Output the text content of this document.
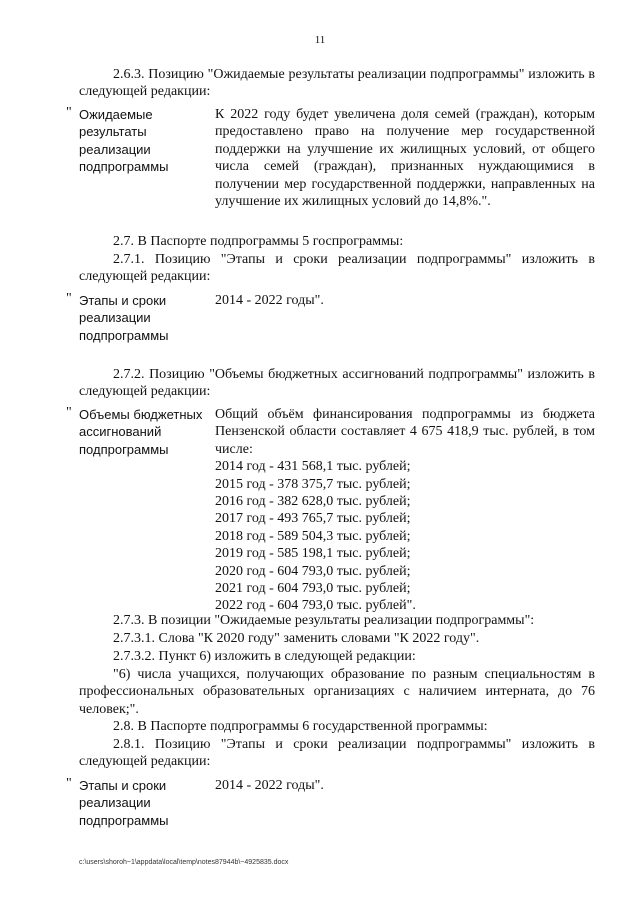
11
2.6.3. Позицию "Ожидаемые результаты реализации подпрограммы" изложить в следующей редакции:
" Ожидаемые результаты реализации подпрограммы
К 2022 году будет увеличена доля семей (граждан), которым предоставлено право на получение мер государственной поддержки на улучшение их жилищных условий, от общего числа семей (граждан), признанных нуждающимися в получении мер государственной поддержки, направленных на улучшение их жилищных условий до 14,8%.".
2.7. В Паспорте подпрограммы 5 госпрограммы:
2.7.1. Позицию "Этапы и сроки реализации подпрограммы" изложить в следующей редакции:
" Этапы и сроки реализации подпрограммы
2014 - 2022 годы".
2.7.2. Позицию "Объемы бюджетных ассигнований подпрограммы" изложить в следующей редакции:
" Объемы бюджетных ассигнований подпрограммы
Общий объём финансирования подпрограммы из бюджета Пензенской области составляет 4 675 418,9 тыс. рублей, в том числе:
2014 год - 431 568,1 тыс. рублей;
2015 год - 378 375,7 тыс. рублей;
2016 год - 382 628,0 тыс. рублей;
2017 год - 493 765,7 тыс. рублей;
2018 год - 589 504,3 тыс. рублей;
2019 год - 585 198,1 тыс. рублей;
2020 год - 604 793,0 тыс. рублей;
2021 год - 604 793,0 тыс. рублей;
2022 год - 604 793,0 тыс. рублей".
2.7.3. В позиции "Ожидаемые результаты реализации подпрограммы":
2.7.3.1. Слова "К 2020 году" заменить словами "К 2022 году".
2.7.3.2. Пункт 6) изложить в следующей редакции:
"6) числа учащихся, получающих образование по разным специальностям в профессиональных образовательных организациях с наличием интерната, до 76 человек;".
2.8. В Паспорте подпрограммы 6 государственной программы:
2.8.1. Позицию "Этапы и сроки реализации подпрограммы" изложить в следующей редакции:
" Этапы и сроки реализации подпрограммы
2014 - 2022 годы".
c:\users\shoroh~1\appdata\local\temp\notes87944b\~4925835.docx
